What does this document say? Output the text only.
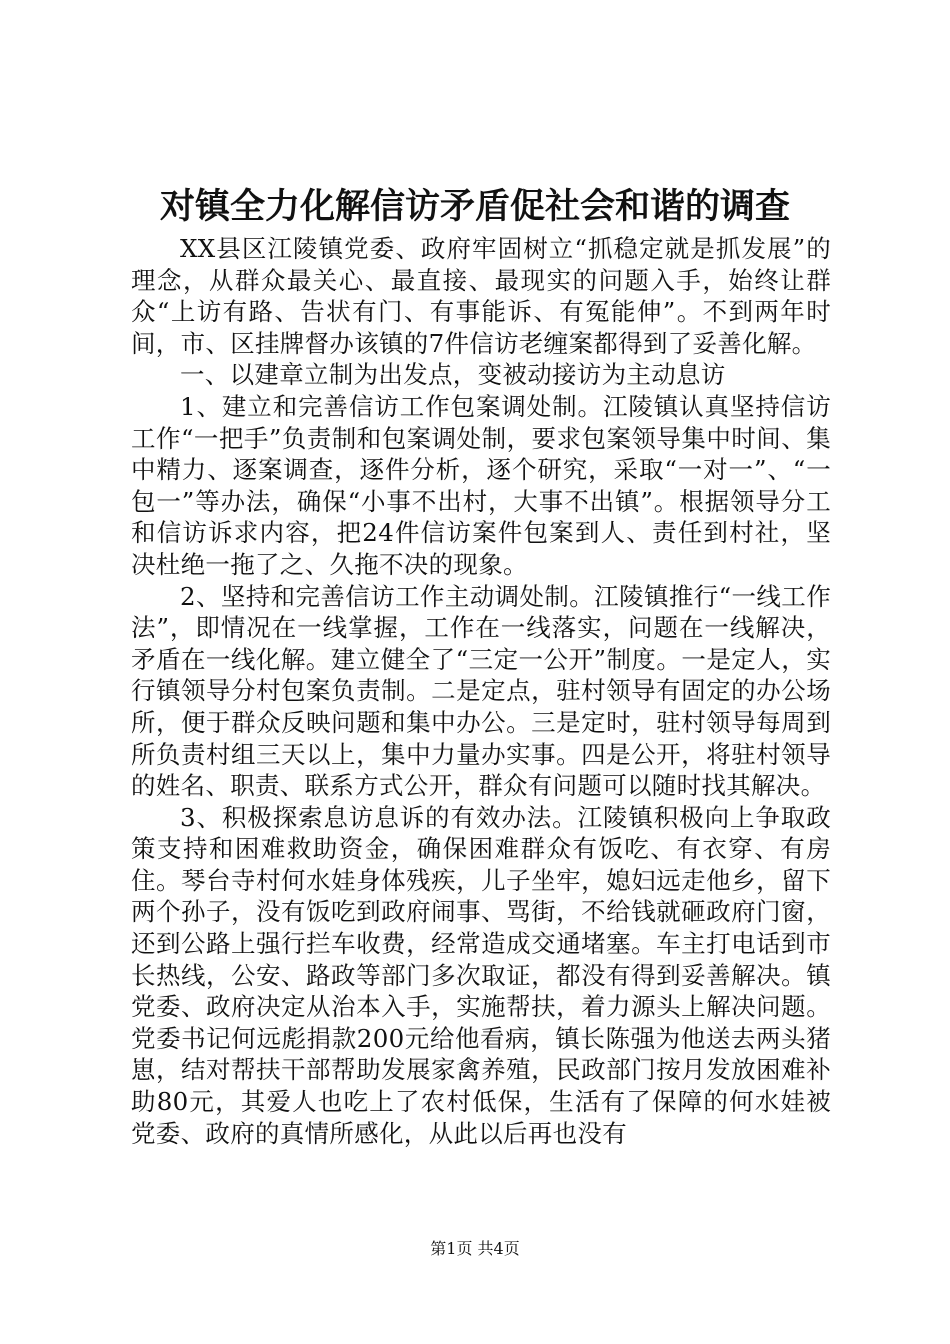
对镇全力化解信访矛盾促社会和谐的调查

XX县区江陵镇党委、政府牢固树立“抓稳定就是抓发展”的理念，从群众最关心、最直接、最现实的问题入手，始终让群众“上访有路、告状有门、有事能诉、有冤能伸”。不到两年时间，市、区挂牌督办该镇的7件信访老缠案都得到了妥善化解。

一、以建章立制为出发点，变被动接访为主动息访

1、建立和完善信访工作包案调处制。江陵镇认真坚持信访工作“一把手”负责制和包案调处制，要求包案领导集中时间、集中精力、逐案调查，逐件分析，逐个研究，采取“一对一”、“一包一”等办法，确保“小事不出村，大事不出镇”。根据领导分工和信访诉求内容，把24件信访案件包案到人、责任到村社，坚决杜绝一拖了之、久拖不决的现象。

2、坚持和完善信访工作主动调处制。江陵镇推行“一线工作法”，即情况在一线掌握，工作在一线落实，问题在一线解决，矛盾在一线化解。建立健全了“三定一公开”制度。一是定人，实行镇领导分村包案负责制。二是定点，驻村领导有固定的办公场所，便于群众反映问题和集中办公。三是定时，驻村领导每周到所负责村组三天以上，集中力量办实事。四是公开，将驻村领导的姓名、职责、联系方式公开，群众有问题可以随时找其解决。

3、积极探索息访息诉的有效办法。江陵镇积极向上争取政策支持和困难救助资金，确保困难群众有饭吃、有衣穿、有房住。琴台寺村何水娃身体残疾，儿子坐牢，媳妇远走他乡，留下两个孙子，没有饭吃到政府闹事、骂街，不给钱就砸政府门窗，还到公路上强行拦车收费，经常造成交通堵塞。车主打电话到市长热线，公安、路政等部门多次取证，都没有得到妥善解决。镇党委、政府决定从治本入手，实施帮扶，着力源头上解决问题。党委书记何远彪捐款200元给他看病，镇长陈强为他送去两头猪崽，结对帮扶干部帮助发展家禽养殖，民政部门按月发放困难补助80元，其爱人也吃上了农村低保，生活有了保障的何水娃被党委、政府的真情所感化，从此以后再也没有

第1页 共4页
